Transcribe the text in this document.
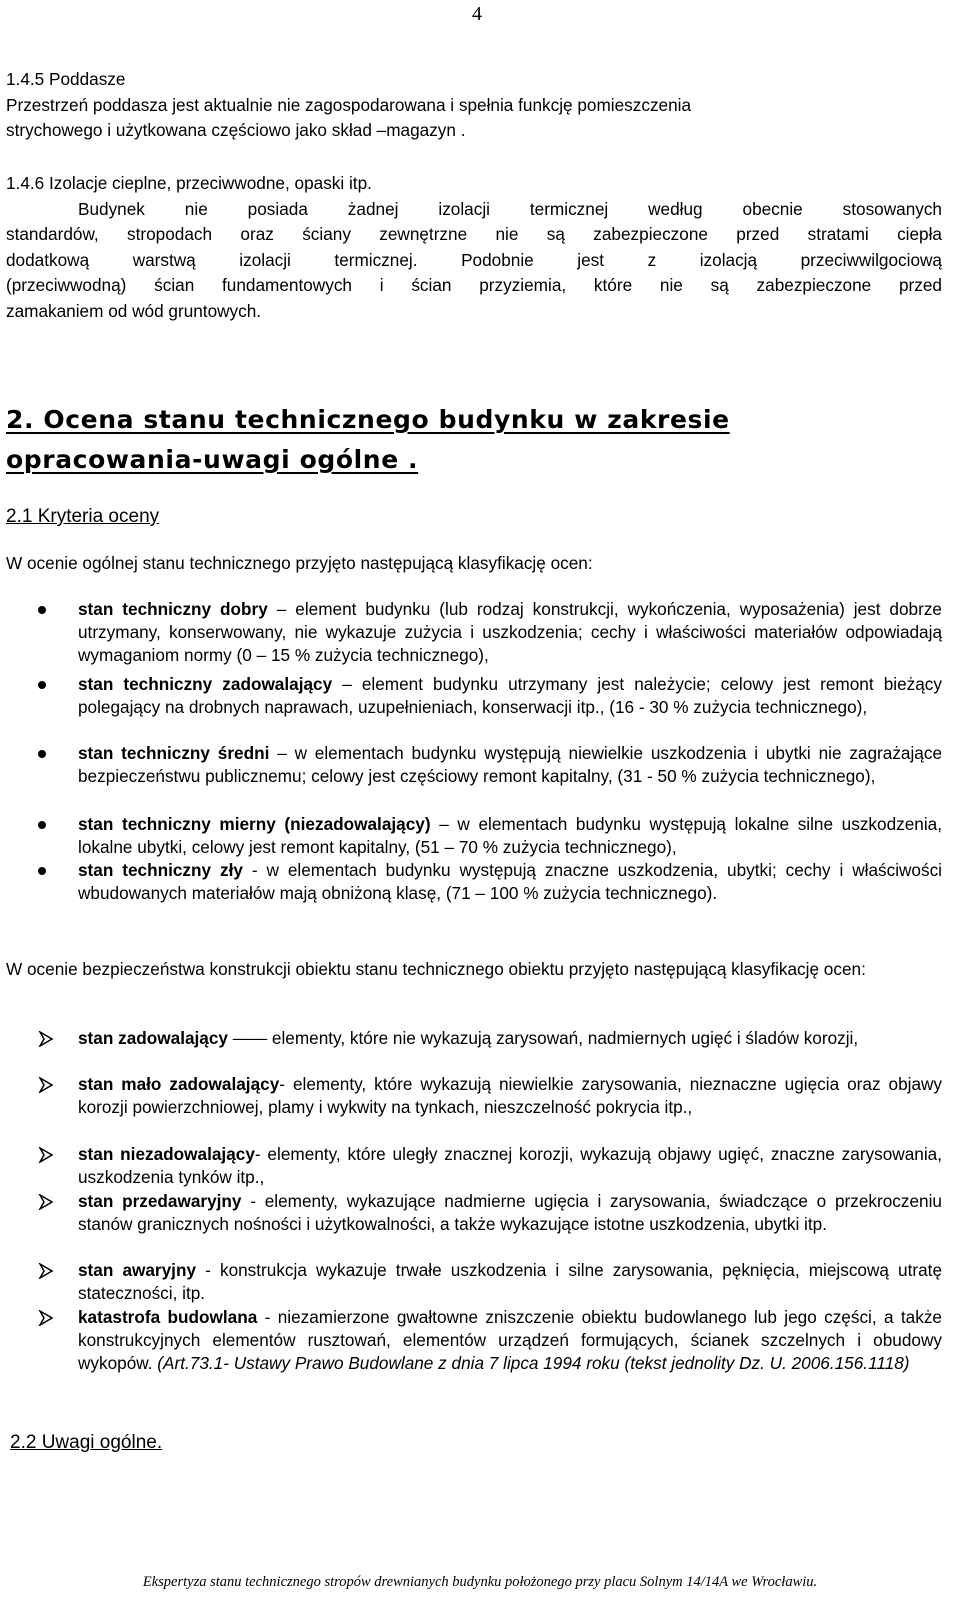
4
1.4.5 Poddasze
Przestrzeń poddasza jest aktualnie nie zagospodarowana i spełnia funkcję pomieszczenia
strychowego i użytkowana częściowo jako skład –magazyn .
1.4.6 Izolacje cieplne, przeciwwodne, opaski itp.
Budynek nie posiada żadnej izolacji termicznej według obecnie stosowanych
standardów, stropodach oraz ściany zewnętrzne nie są zabezpieczone przed stratami ciepła
dodatkową warstwą izolacji termicznej. Podobnie jest z izolacją przeciwwilgociową
(przeciwwodną) ścian fundamentowych i ścian przyziemia, które nie są zabezpieczone przed
zamakaniem od wód gruntowych.
2. Ocena stanu technicznego budynku w zakresie
opracowania-uwagi ogólne .
2.1 Kryteria oceny
W ocenie ogólnej stanu technicznego przyjęto następującą klasyfikację ocen:
stan techniczny dobry – element budynku (lub rodzaj konstrukcji, wykończenia, wyposażenia) jest dobrze utrzymany, konserwowany, nie wykazuje zużycia i uszkodzenia; cechy i właściwości materiałów odpowiadają wymaganiom normy (0 – 15 % zużycia technicznego),
stan techniczny zadowalający – element budynku utrzymany jest należycie; celowy jest remont bieżący polegający na drobnych naprawach, uzupełnieniach, konserwacji itp., (16 - 30 % zużycia technicznego),
stan techniczny średni – w elementach budynku występują niewielkie uszkodzenia i ubytki nie zagrażające bezpieczeństwu publicznemu; celowy jest częściowy remont kapitalny, (31 - 50 % zużycia technicznego),
stan techniczny mierny (niezadowalający) – w elementach budynku występują lokalne silne uszkodzenia, lokalne ubytki, celowy jest remont kapitalny, (51 – 70 % zużycia technicznego),
stan techniczny zły - w elementach budynku występują znaczne uszkodzenia, ubytki; cechy i właściwości wbudowanych materiałów mają obniżoną klasę, (71 – 100 % zużycia technicznego).
W ocenie bezpieczeństwa konstrukcji obiektu stanu technicznego obiektu przyjęto następującą klasyfikację ocen:
stan zadowalający —— elementy, które nie wykazują zarysowań, nadmiernych ugięć i śladów korozji,
stan mało zadowalający- elementy, które wykazują niewielkie zarysowania, nieznaczne ugięcia oraz objawy korozji powierzchniowej, plamy i wykwity na tynkach, nieszczelność pokrycia itp.,
stan niezadowalający- elementy, które uległy znacznej korozji, wykazują objawy ugięć, znaczne zarysowania, uszkodzenia tynków itp.,
stan przedawaryjny - elementy, wykazujące nadmierne ugięcia i zarysowania, świadczące o przekroczeniu stanów granicznych nośności i użytkowalności, a także wykazujące istotne uszkodzenia, ubytki itp.
stan awaryjny - konstrukcja wykazuje trwałe uszkodzenia i silne zarysowania, pęknięcia, miejscową utratę stateczności, itp.
katastrofa budowlana - niezamierzone gwałtowne zniszczenie obiektu budowlanego lub jego części, a także konstrukcyjnych elementów rusztowań, elementów urządzeń formujących, ścianek szczelnych i obudowy wykopów. (Art.73.1- Ustawy Prawo Budowlane z dnia 7 lipca 1994 roku (tekst jednolity Dz. U. 2006.156.1118)
2.2 Uwagi ogólne.
Ekspertyza stanu technicznego stropów drewnianych budynku położonego przy placu Solnym 14/14A we Wrocławiu.
